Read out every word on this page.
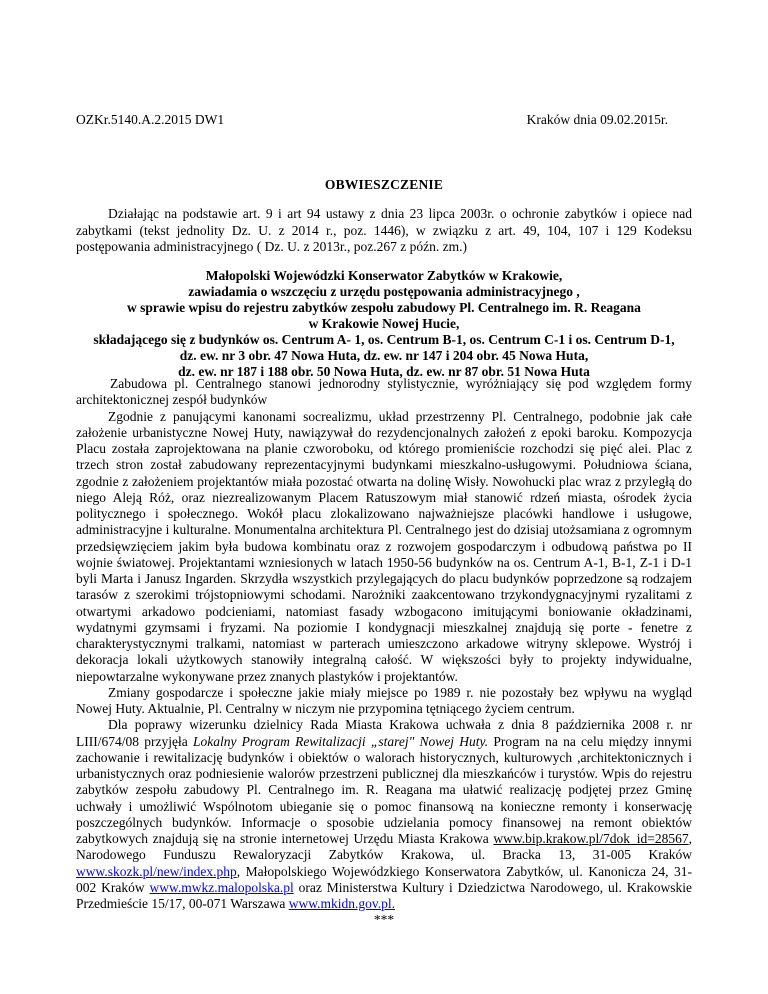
OZKr.5140.A.2.2015 DW1	Kraków dnia 09.02.2015r.
OBWIESZCZENIE
Działając na podstawie art. 9 i art 94 ustawy z dnia 23 lipca 2003r. o ochronie zabytków i opiece nad zabytkami (tekst jednolity Dz. U. z 2014 r., poz. 1446), w związku z art. 49, 104, 107 i 129 Kodeksu postępowania administracyjnego ( Dz. U. z 2013r., poz.267 z późn. zm.)
Małopolski Wojewódzki Konserwator Zabytków w Krakowie,
zawiadamia o wszczęciu z urzędu postępowania administracyjnego ,
w sprawie wpisu do rejestru zabytków zespołu zabudowy Pl. Centralnego im. R. Reagana
w Krakowie Nowej Hucie,
składającego się z budynków os. Centrum A- 1, os. Centrum B-1, os. Centrum C-1 i os. Centrum D-1,
dz. ew. nr 3 obr. 47 Nowa Huta, dz. ew. nr 147 i 204 obr. 45 Nowa Huta,
dz. ew. nr 187 i 188 obr. 50 Nowa Huta, dz. ew. nr 87 obr. 51 Nowa Huta

Zabudowa pl. Centralnego stanowi jednorodny stylistycznie, wyróżniający się pod względem formy architektonicznej zespół budynków

Zgodnie z panującymi kanonami socrealizmu, układ przestrzenny Pl. Centralnego, podobnie jak całe założenie urbanistyczne Nowej Huty, nawiązywał do rezydencjonalnych założeń z epoki baroku. Kompozycja Placu została zaprojektowana na planie czworoboku, od którego promieniście rozchodzi się pięć alei. Plac z trzech stron został zabudowany reprezentacyjnymi budynkami mieszkalno-usługowymi. Południowa ściana, zgodnie z założeniem projektantów miała pozostać otwarta na dolinę Wisły. Nowohucki plac wraz z przyległą do niego Aleją Róż, oraz niezrealizowanym Placem Ratuszowym miał stanowić rdzeń miasta, ośrodek życia politycznego i społecznego. Wokół placu zlokalizowano najważniejsze placówki handlowe i usługowe, administracyjne i kulturalne. Monumentalna architektura Pl. Centralnego jest do dzisiaj utożsamiana z ogromnym przedsięwzięciem jakim była budowa kombinatu oraz z rozwojem gospodarczym i odbudową państwa po II wojnie światowej. Projektantami wzniesionych w latach 1950-56 budynków na os. Centrum A-1, B-1, Z-1 i D-1 byli Marta i Janusz Ingarden. Skrzydła wszystkich przylegających do placu budynków poprzedzone są rodzajem tarasów z szerokimi trójstopniowymi schodami. Narożniki zaakcentowano trzykondygnacyjnymi ryzalitami z otwartymi arkadowo podcieniami, natomiast fasady wzbogacono imitującymi boniowanie okładzinami, wydatnymi gzymsami i fryzami. Na poziomie I kondygnacji mieszkalnej znajdują się porte - fenetre z charakterystycznymi tralkami, natomiast w parterach umieszczono arkadowe witryny sklepowe. Wystrój i dekoracja lokali użytkowych stanowiły integralną całość. W większości były to projekty indywidualne, niepowtarzalne wykonywane przez znanych plastyków i projektantów.

Zmiany gospodarcze i społeczne jakie miały miejsce po 1989 r. nie pozostały bez wpływu na wygląd Nowej Huty. Aktualnie, Pl. Centralny w niczym nie przypomina tętniącego życiem centrum.

Dla poprawy wizerunku dzielnicy Rada Miasta Krakowa uchwała z dnia 8 października 2008 r. nr LIII/674/08 przyjęła Lokalny Program Rewitalizacji „starej" Nowej Huty. Program na na celu między innymi zachowanie i rewitalizację budynków i obiektów o walorach historycznych, kulturowych ,architektonicznych i urbanistycznych oraz podniesienie walorów przestrzeni publicznej dla mieszkańców i turystów. Wpis do rejestru zabytków zespołu zabudowy Pl. Centralnego im. R. Reagana ma ułatwić realizację podjętej przez Gminę uchwały i umożliwić Wspólnotom ubieganie się o pomoc finansową na konieczne remonty i konserwację poszczególnych budynków. Informacje o sposobie udzielania pomocy finansowej na remont obiektów zabytkowych znajdują się na stronie internetowej Urzędu Miasta Krakowa www.bip.krakow.pl/7dok_id=28567, Narodowego Funduszu Rewaloryzacji Zabytków Krakowa, ul. Bracka 13, 31-005 Kraków www.skozk.pl/new/index.php, Małopolskiego Wojewódzkiego Konserwatora Zabytków, ul. Kanonicza 24, 31-002 Kraków www.mwkz.malopolska.pl oraz Ministerstwa Kultury i Dziedzictwa Narodowego, ul. Krakowskie Przedmieście 15/17, 00-071 Warszawa www.mkidn.gov.pl.

***
